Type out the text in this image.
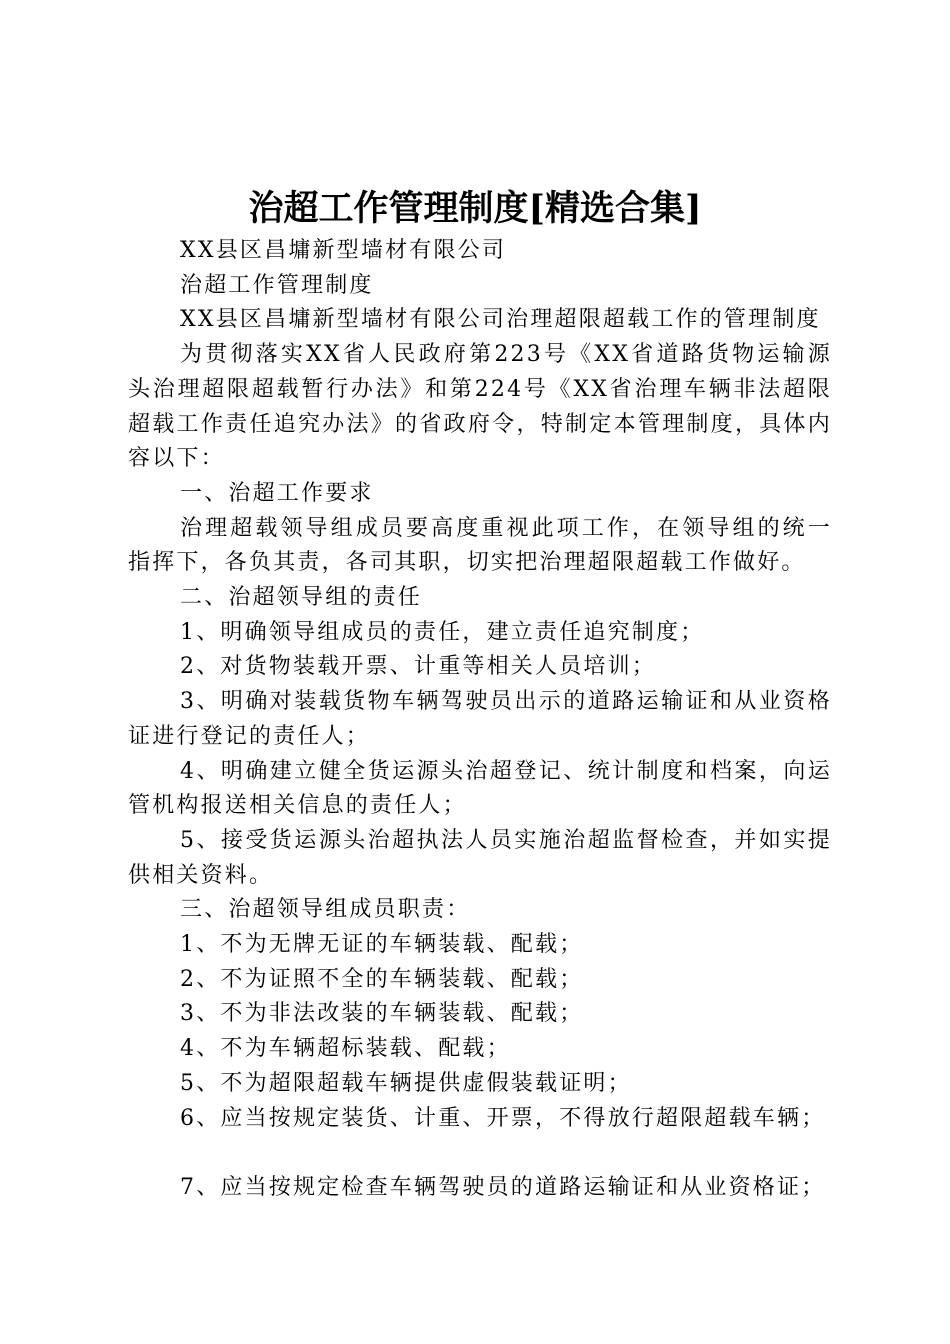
治超工作管理制度[精选合集]

XX县区昌墉新型墙材有限公司

治超工作管理制度

XX县区昌墉新型墙材有限公司治理超限超载工作的管理制度

为贯彻落实XX省人民政府第223号《XX省道路货物运输源头治理超限超载暂行办法》和第224号《XX省治理车辆非法超限超载工作责任追究办法》的省政府令，特制定本管理制度，具体内容以下：

一、治超工作要求

治理超载领导组成员要高度重视此项工作，在领导组的统一指挥下，各负其责，各司其职，切实把治理超限超载工作做好。

二、治超领导组的责任

1、明确领导组成员的责任，建立责任追究制度；

2、对货物装载开票、计重等相关人员培训；

3、明确对装载货物车辆驾驶员出示的道路运输证和从业资格证进行登记的责任人；

4、明确建立健全货运源头治超登记、统计制度和档案，向运管机构报送相关信息的责任人；

5、接受货运源头治超执法人员实施治超监督检查，并如实提供相关资料。

三、治超领导组成员职责：

1、不为无牌无证的车辆装载、配载；

2、不为证照不全的车辆装载、配载；

3、不为非法改装的车辆装载、配载；

4、不为车辆超标装载、配载；

5、不为超限超载车辆提供虚假装载证明；

6、应当按规定装货、计重、开票，不得放行超限超载车辆；

7、应当按规定检查车辆驾驶员的道路运输证和从业资格证；
